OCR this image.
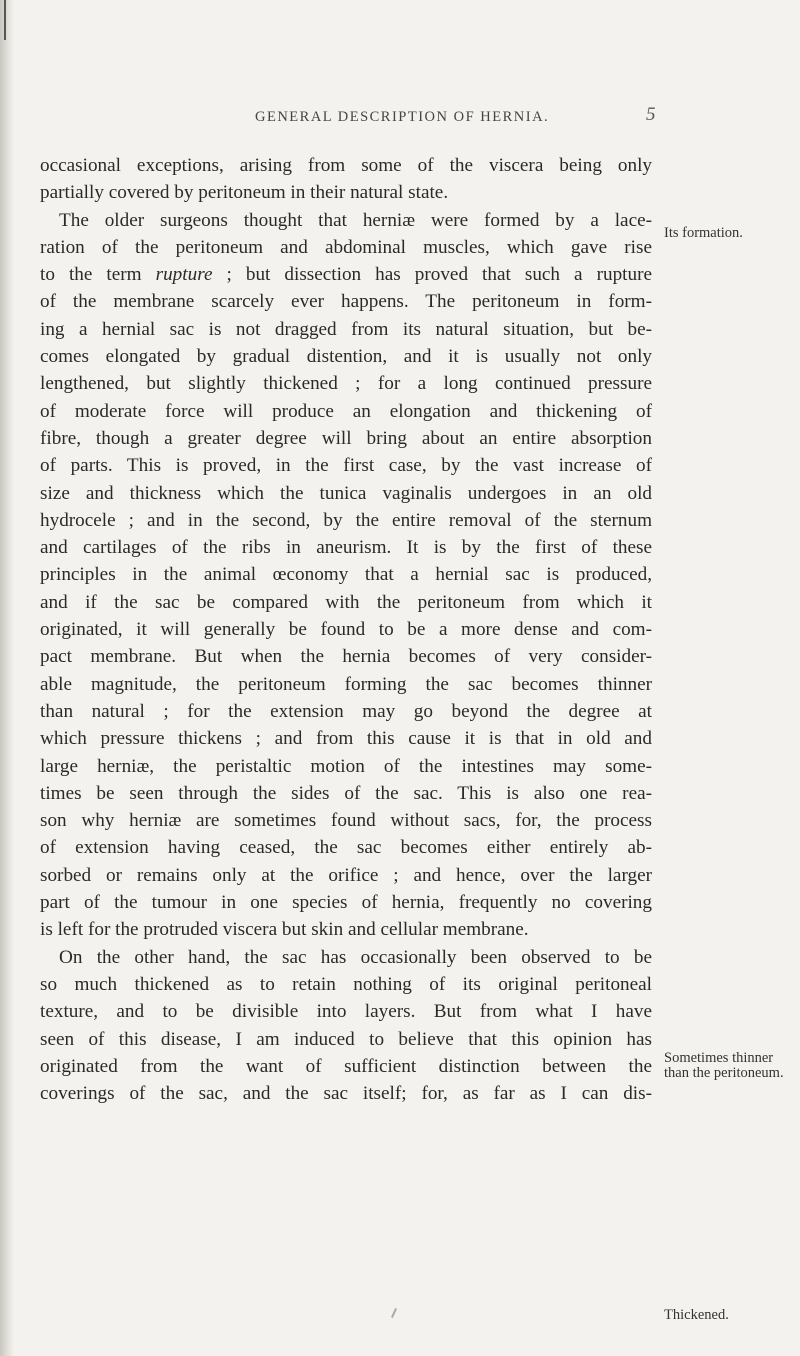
GENERAL DESCRIPTION OF HERNIA.	5
occasional exceptions, arising from some of the viscera being only
partially covered by peritoneum in their natural state.
The older surgeons thought that herniæ were formed by a lace-
ration of the peritoneum and abdominal muscles, which gave rise
to the term rupture ; but dissection has proved that such a rupture
of the membrane scarcely ever happens. The peritoneum in form-
ing a hernial sac is not dragged from its natural situation, but be-
comes elongated by gradual distention, and it is usually not only
lengthened, but slightly thickened ; for a long continued pressure
of moderate force will produce an elongation and thickening of
fibre, though a greater degree will bring about an entire absorption
of parts. This is proved, in the first case, by the vast increase of
size and thickness which the tunica vaginalis undergoes in an old
hydrocele ; and in the second, by the entire removal of the sternum
and cartilages of the ribs in aneurism. It is by the first of these
principles in the animal œconomy that a hernial sac is produced,
and if the sac be compared with the peritoneum from which it
originated, it will generally be found to be a more dense and com-
pact membrane. But when the hernia becomes of very consider-
able magnitude, the peritoneum forming the sac becomes thinner
than natural ; for the extension may go beyond the degree at
which pressure thickens ; and from this cause it is that in old and
large herniæ, the peristaltic motion of the intestines may some-
times be seen through the sides of the sac. This is also one rea-
son why herniæ are sometimes found without sacs, for, the process
of extension having ceased, the sac becomes either entirely ab-
sorbed or remains only at the orifice ; and hence, over the larger
part of the tumour in one species of hernia, frequently no covering
is left for the protruded viscera but skin and cellular membrane.
On the other hand, the sac has occasionally been observed to be
so much thickened as to retain nothing of its original peritoneal
texture, and to be divisible into layers. But from what I have
seen of this disease, I am induced to believe that this opinion has
originated from the want of sufficient distinction between the
coverings of the sac, and the sac itself; for, as far as I can dis-
Its formation.
Sometimes thinner than the peritoneum.
Thickened.
